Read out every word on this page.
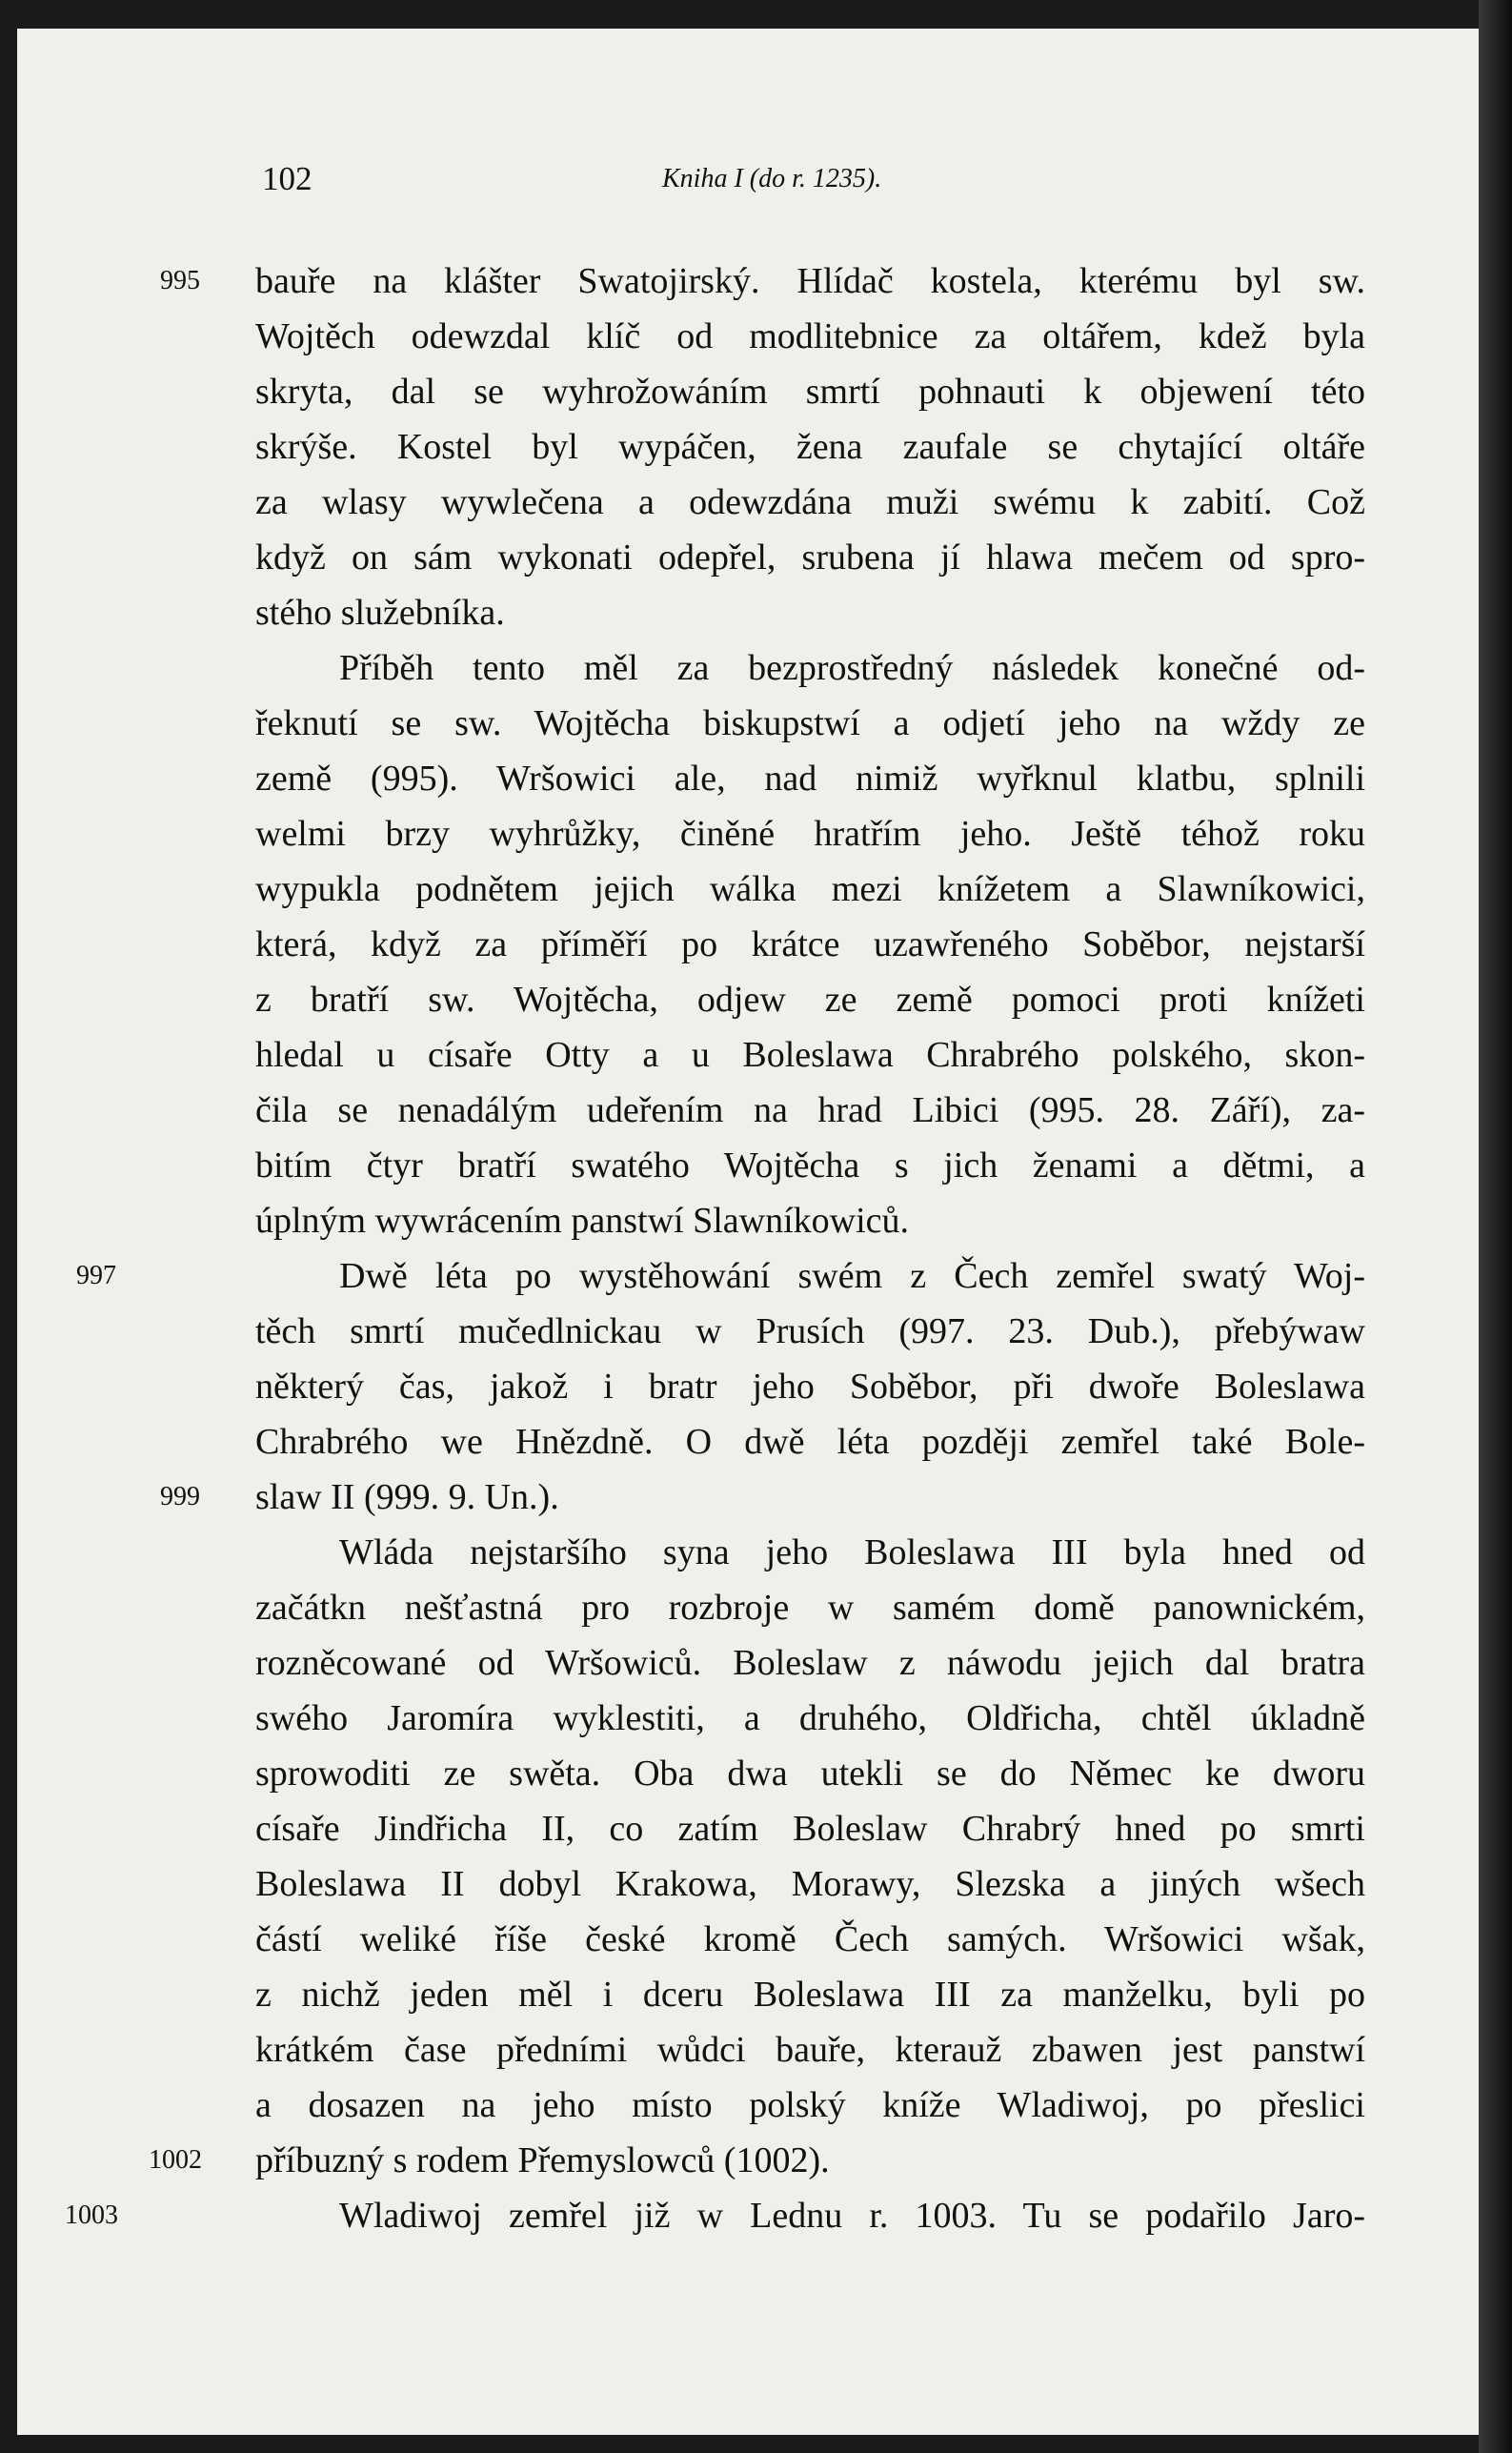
102	Kniha I (do r. 1235).
995	bauře na klášter Swatojirský. Hlídač kostela, kterému byl sw.
Wojtěch odewzdal klíč od modlitebnice za oltářem, kdež byla
skryta, dal se wyhrožowáním smrtí pohnauti k objewení této
skrýše. Kostel byl wypáčen, žena zaufale se chytající oltáře
za wlasy wywlečena a odewzdána muži swému k zabití. Což
když on sám wykonati odepřel, srubena jí hlawa mečem od spro-
stého služebníka.
Příběh tento měl za bezprostředný následek konečné od-
řeknutí se sw. Wojtěcha biskupstwí a odjetí jeho na wždy ze
země (995). Wršowici ale, nad nimiž wyřknul klatbu, splnili
welmi brzy wyhrůžky, činěné hratřím jeho. Ještě téhož roku
wypukla podnětem jejich wálka mezi knížetem a Slawníkowici,
která, když za příměří po krátce uzawřeného Soběbor, nejstarší
z bratří sw. Wojtěcha, odjew ze země pomoci proti knížeti
hledal u císaře Otty a u Boleslawa Chrabrého polského, skon-
čila se nenadálým udeřením na hrad Libici (995. 28. Září), za-
bitím čtyr bratří swatého Wojtěcha s jich ženami a dětmi, a
úplným wywrácením panstwí Slawníkowiců.
997	Dwě léta po wystěhowání swém z Čech zemřel swatý Woj-
těch smrtí mučedlnickau w Prusích (997. 23. Dub.), přebýwaw
některý čas, jakož i bratr jeho Soběbor, při dwoře Boleslawa
Chrabrého we Hnězdně. O dwě léta později zemřel také Bole-
999	slaw II (999. 9. Un.).
Wláda nejstaršího syna jeho Boleslawa III byla hned od
začátkn nešťastná pro rozbroje w samém domě panownickém,
rozněcowané od Wršowiců. Boleslaw z náwodu jejich dal bratra
swého Jaromíra wyklestiti, a druhého, Oldřicha, chtěl úkladně
sprowoditi ze swěta. Oba dwa utekli se do Němec ke dworu
císaře Jindřicha II, co zatím Boleslaw Chrabrý hned po smrti
Boleslawa II dobyl Krakowa, Morawy, Slezska a jiných wšech
částí weliké říše české kromě Čech samých. Wršowici wšak,
z nichž jeden měl i dceru Boleslawa III za manželku, byli po
krátkém čase předními wůdci bauře, kterauž zbawen jest panstwí
a dosazen na jeho místo polský kníže Wladiwoj, po přeslici
1002	příbuzný s rodem Přemyslowců (1002).
1003	Wladiwoj zemřel již w Lednu r. 1003. Tu se podařilo Jaro-
